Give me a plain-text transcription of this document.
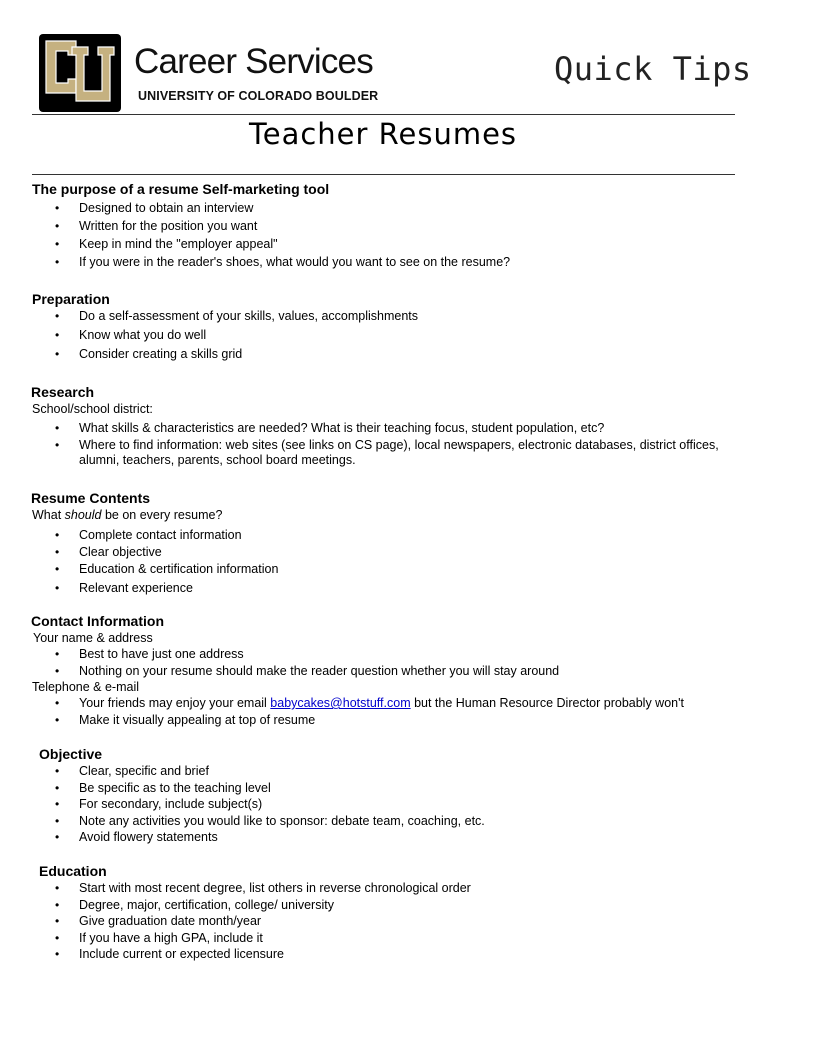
Career Services
UNIVERSITY OF COLORADO BOULDER
Quick Tips
Teacher Resumes
The purpose of a resume Self-marketing tool
• Designed to obtain an interview
• Written for the position you want
• Keep in mind the "employer appeal"
• If you were in the reader's shoes, what would you want to see on the resume?
Preparation
• Do a self-assessment of your skills, values, accomplishments
• Know what you do well
• Consider creating a skills grid
Research
School/school district:
• What skills & characteristics are needed? What is their teaching focus, student population, etc?
• Where to find information: web sites (see links on CS page), local newspapers, electronic databases, district offices, alumni, teachers, parents, school board meetings.
Resume Contents
What should be on every resume?
• Complete contact information
• Clear objective
• Education & certification information
• Relevant experience
Contact Information
Your name & address
• Best to have just one address
• Nothing on your resume should make the reader question whether you will stay around
Telephone & e-mail
• Your friends may enjoy your email babycakes@hotstuff.com but the Human Resource Director probably won't
• Make it visually appealing at top of resume
Objective
• Clear, specific and brief
• Be specific as to the teaching level
• For secondary, include subject(s)
• Note any activities you would like to sponsor: debate team, coaching, etc.
• Avoid flowery statements
Education
• Start with most recent degree, list others in reverse chronological order
• Degree, major, certification, college/ university
• Give graduation date month/year
• If you have a high GPA, include it
• Include current or expected licensure
